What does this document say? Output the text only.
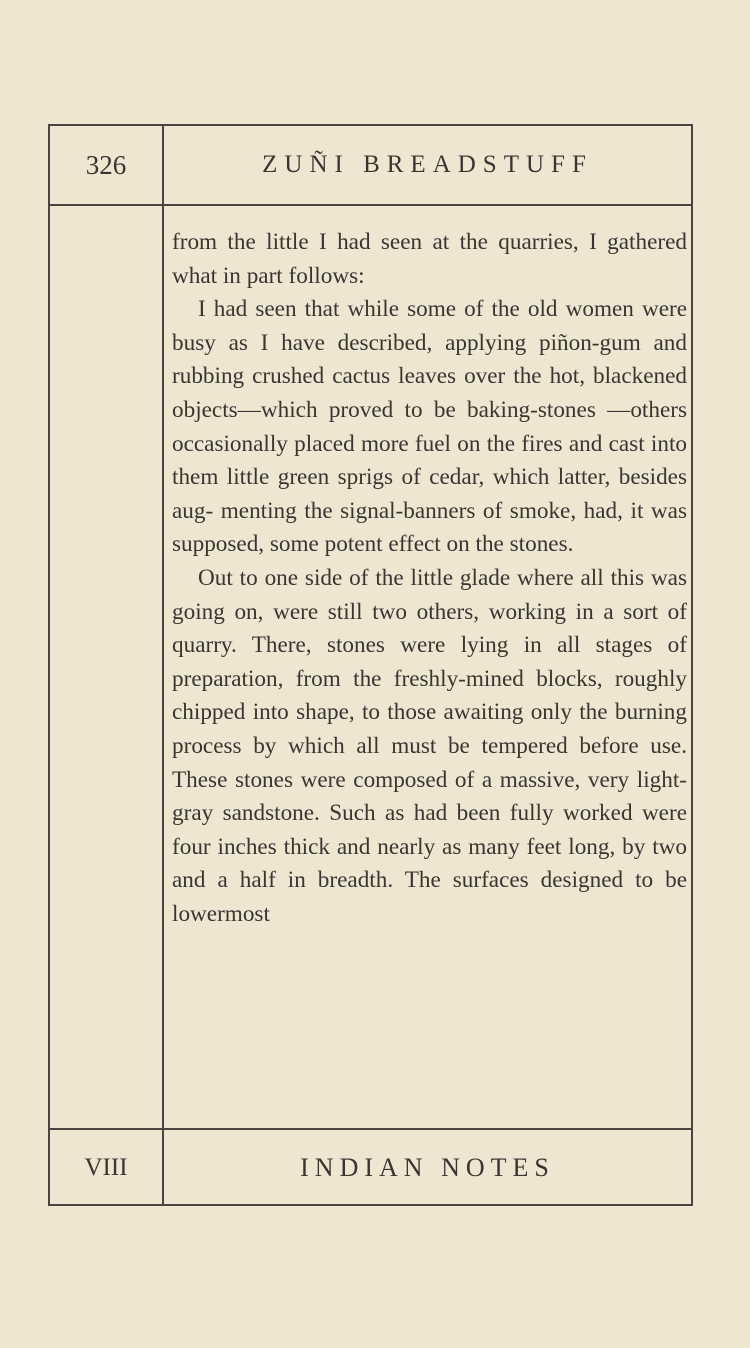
326	ZUÑI BREADSTUFF

from the little I had seen at the quarries, I gathered what in part follows:

I had seen that while some of the old women were busy as I have described, applying piñon-gum and rubbing crushed cactus leaves over the hot, blackened objects—which proved to be baking-stones —others occasionally placed more fuel on the fires and cast into them little green sprigs of cedar, which latter, besides aug- menting the signal-banners of smoke, had, it was supposed, some potent effect on the stones.

Out to one side of the little glade where all this was going on, were still two others, working in a sort of quarry. There, stones were lying in all stages of preparation, from the freshly-mined blocks, roughly chipped into shape, to those awaiting only the burning process by which all must be tempered before use. These stones were composed of a massive, very light-gray sandstone. Such as had been fully worked were four inches thick and nearly as many feet long, by two and a half in breadth. The surfaces designed to be lowermost

VIII	INDIAN NOTES
